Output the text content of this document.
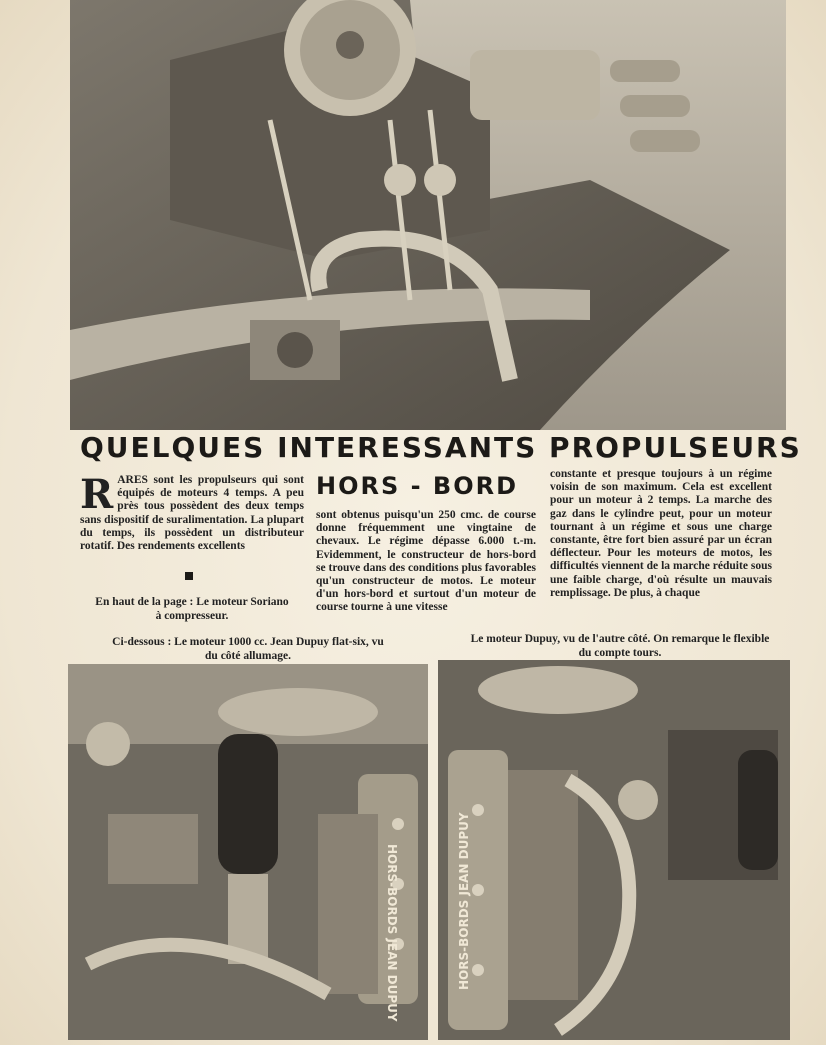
QUELQUES INTERESSANTS PROPULSEURS
HORS - BORD
R ARES sont les propulseurs qui sont équipés de moteurs 4 temps. A peu près tous possèdent des deux temps sans dispositif de suralimentation. La plupart du temps, ils possèdent un distributeur rotatif. Des rendements excellents
sont obtenus puisqu'un 250 cmc. de course donne fréquemment une vingtaine de chevaux. Le régime dépasse 6.000 t.-m. Evidemment, le constructeur de hors-bord se trouve dans des conditions plus favorables qu'un constructeur de motos. Le moteur d'un hors-bord et surtout d'un moteur de course tourne à une vitesse
constante et presque toujours à un régime voisin de son maximum. Cela est excellent pour un moteur à 2 temps. La marche des gaz dans le cylindre peut, pour un moteur tournant à un régime et sous une charge constante, être fort bien assuré par un écran déflecteur. Pour les moteurs de motos, les difficultés viennent de la marche réduite sous une faible charge, d'où résulte un mauvais remplissage. De plus, à chaque
En haut de la page : Le moteur Soriano à compresseur.
Ci-dessous : Le moteur 1000 cc. Jean Dupuy flat-six, vu du côté allumage.
Le moteur Dupuy, vu de l'autre côté. On remarque le flexible du compte tours.
HORS-BORDS JEAN DUPUY	HORS-BORDS JEAN DUPUY
